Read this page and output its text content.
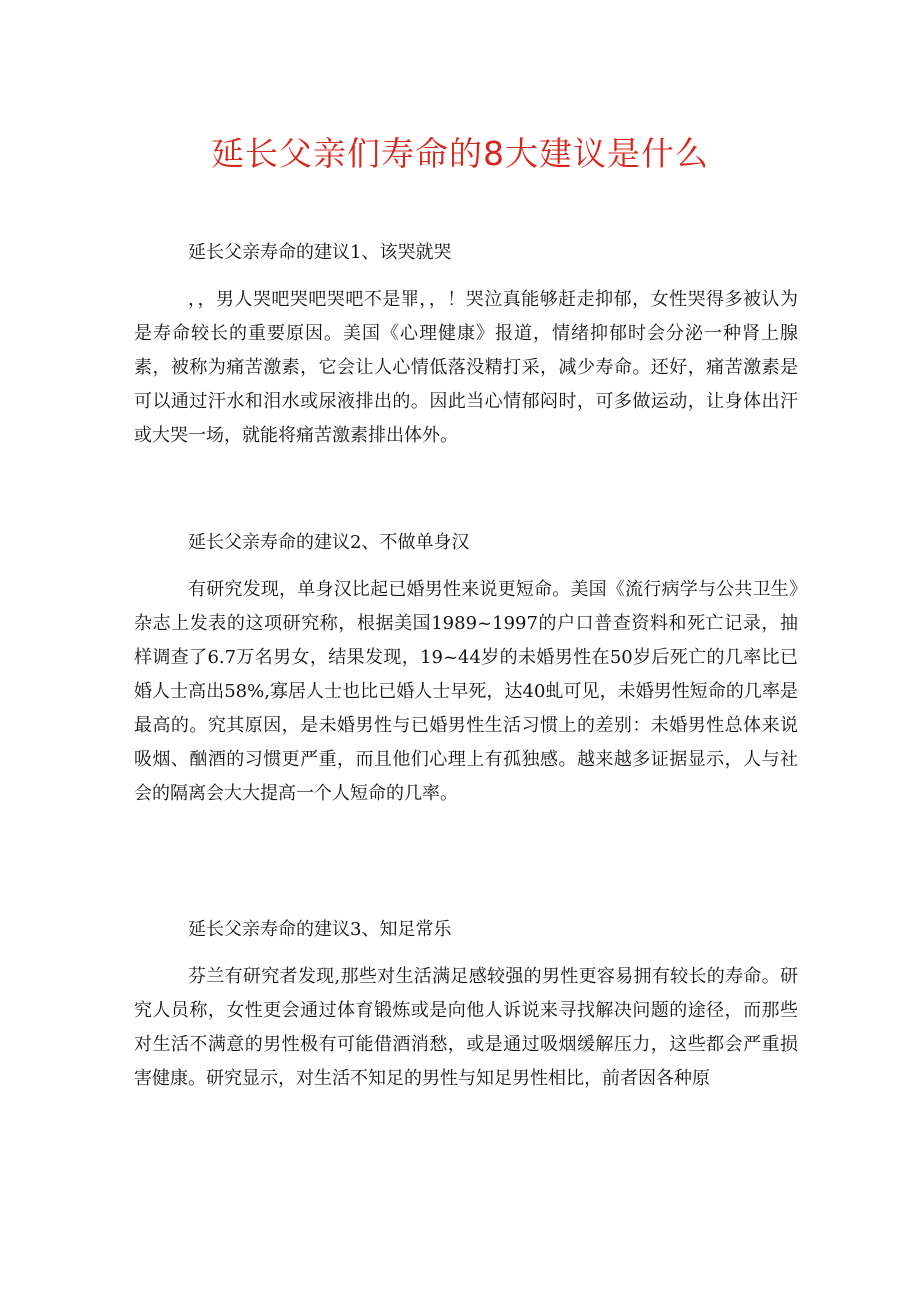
延长父亲们寿命的8大建议是什么

延长父亲寿命的建议1、该哭就哭

，，男人哭吧哭吧哭吧不是罪，，！哭泣真能够赶走抑郁，女性哭得多被认为是寿命较长的重要原因。美国《心理健康》报道，情绪抑郁时会分泌一种肾上腺素，被称为痛苦激素，它会让人心情低落没精打采，减少寿命。还好，痛苦激素是可以通过汗水和泪水或尿液排出的。因此当心情郁闷时，可多做运动，让身体出汗或大哭一场，就能将痛苦激素排出体外。

延长父亲寿命的建议2、不做单身汉

有研究发现，单身汉比起已婚男性来说更短命。美国《流行病学与公共卫生》杂志上发表的这项研究称，根据美国1989~1997的户口普查资料和死亡记录，抽样调查了6.7万名男女，结果发现，19~44岁的未婚男性在50岁后死亡的几率比已婚人士高出58%,寡居人士也比已婚人士早死，达40虬可见，未婚男性短命的几率是最高的。究其原因，是未婚男性与已婚男性生活习惯上的差别：未婚男性总体来说吸烟、酗酒的习惯更严重，而且他们心理上有孤独感。越来越多证据显示，人与社会的隔离会大大提高一个人短命的几率。

延长父亲寿命的建议3、知足常乐

芬兰有研究者发现,那些对生活满足感较强的男性更容易拥有较长的寿命。研究人员称，女性更会通过体育锻炼或是向他人诉说来寻找解决问题的途径，而那些对生活不满意的男性极有可能借酒消愁，或是通过吸烟缓解压力，这些都会严重损害健康。研究显示，对生活不知足的男性与知足男性相比，前者因各种原
